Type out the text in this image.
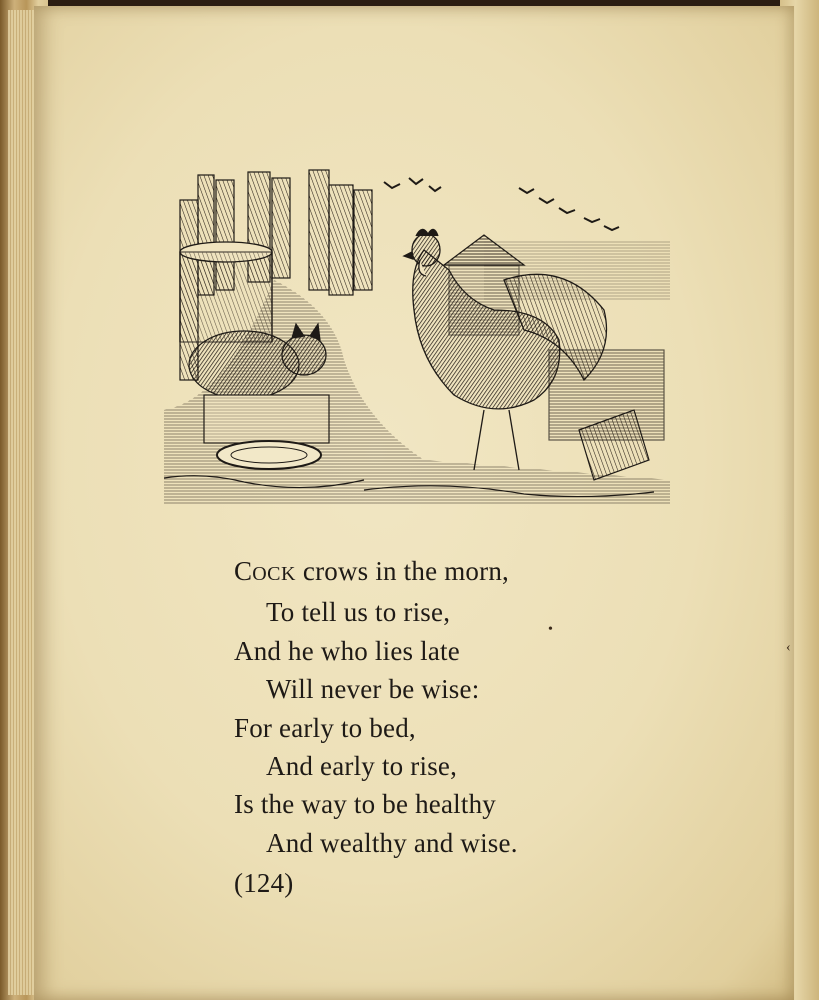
COCK crows in the morn,
To tell us to rise,
And he who lies late
Will never be wise:
For early to bed,
And early to rise,
Is the way to be healthy
And wealthy and wise.
(124)
•
‹
